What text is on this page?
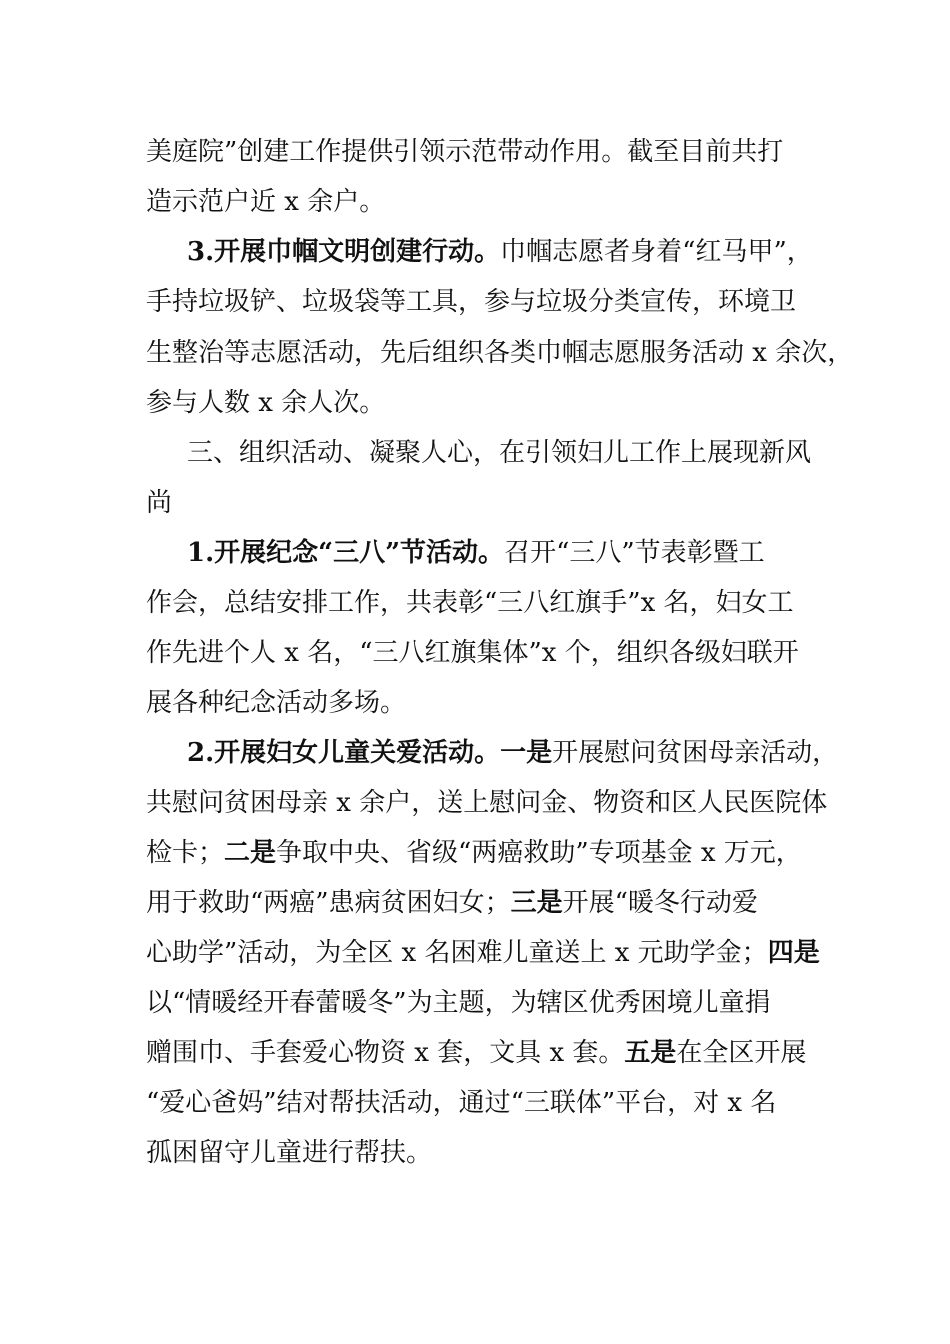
美庭院”创建工作提供引领示范带动作用。截至目前共打
造示范户近 x 余户。
3.开展巾帼文明创建行动。巾帼志愿者身着“红马甲”，
手持垃圾铲、垃圾袋等工具，参与垃圾分类宣传，环境卫
生整治等志愿活动，先后组织各类巾帼志愿服务活动 x 余次，
参与人数 x 余人次。
三、组织活动、凝聚人心，在引领妇儿工作上展现新风
尚
1.开展纪念“三八”节活动。召开“三八”节表彰暨工
作会，总结安排工作，共表彰“三八红旗手”x 名，妇女工
作先进个人 x 名，“三八红旗集体”x 个，组织各级妇联开
展各种纪念活动多场。
2.开展妇女儿童关爱活动。一是开展慰问贫困母亲活动，
共慰问贫困母亲 x 余户，送上慰问金、物资和区人民医院体
检卡；二是争取中央、省级“两癌救助”专项基金 x 万元，
用于救助“两癌”患病贫困妇女；三是开展“暖冬行动爱
心助学”活动，为全区 x 名困难儿童送上 x 元助学金；四是
以“情暖经开春蕾暖冬”为主题，为辖区优秀困境儿童捐
赠围巾、手套爱心物资 x 套，文具 x 套。五是在全区开展
“爱心爸妈”结对帮扶活动，通过“三联体”平台，对 x 名
孤困留守儿童进行帮扶。
